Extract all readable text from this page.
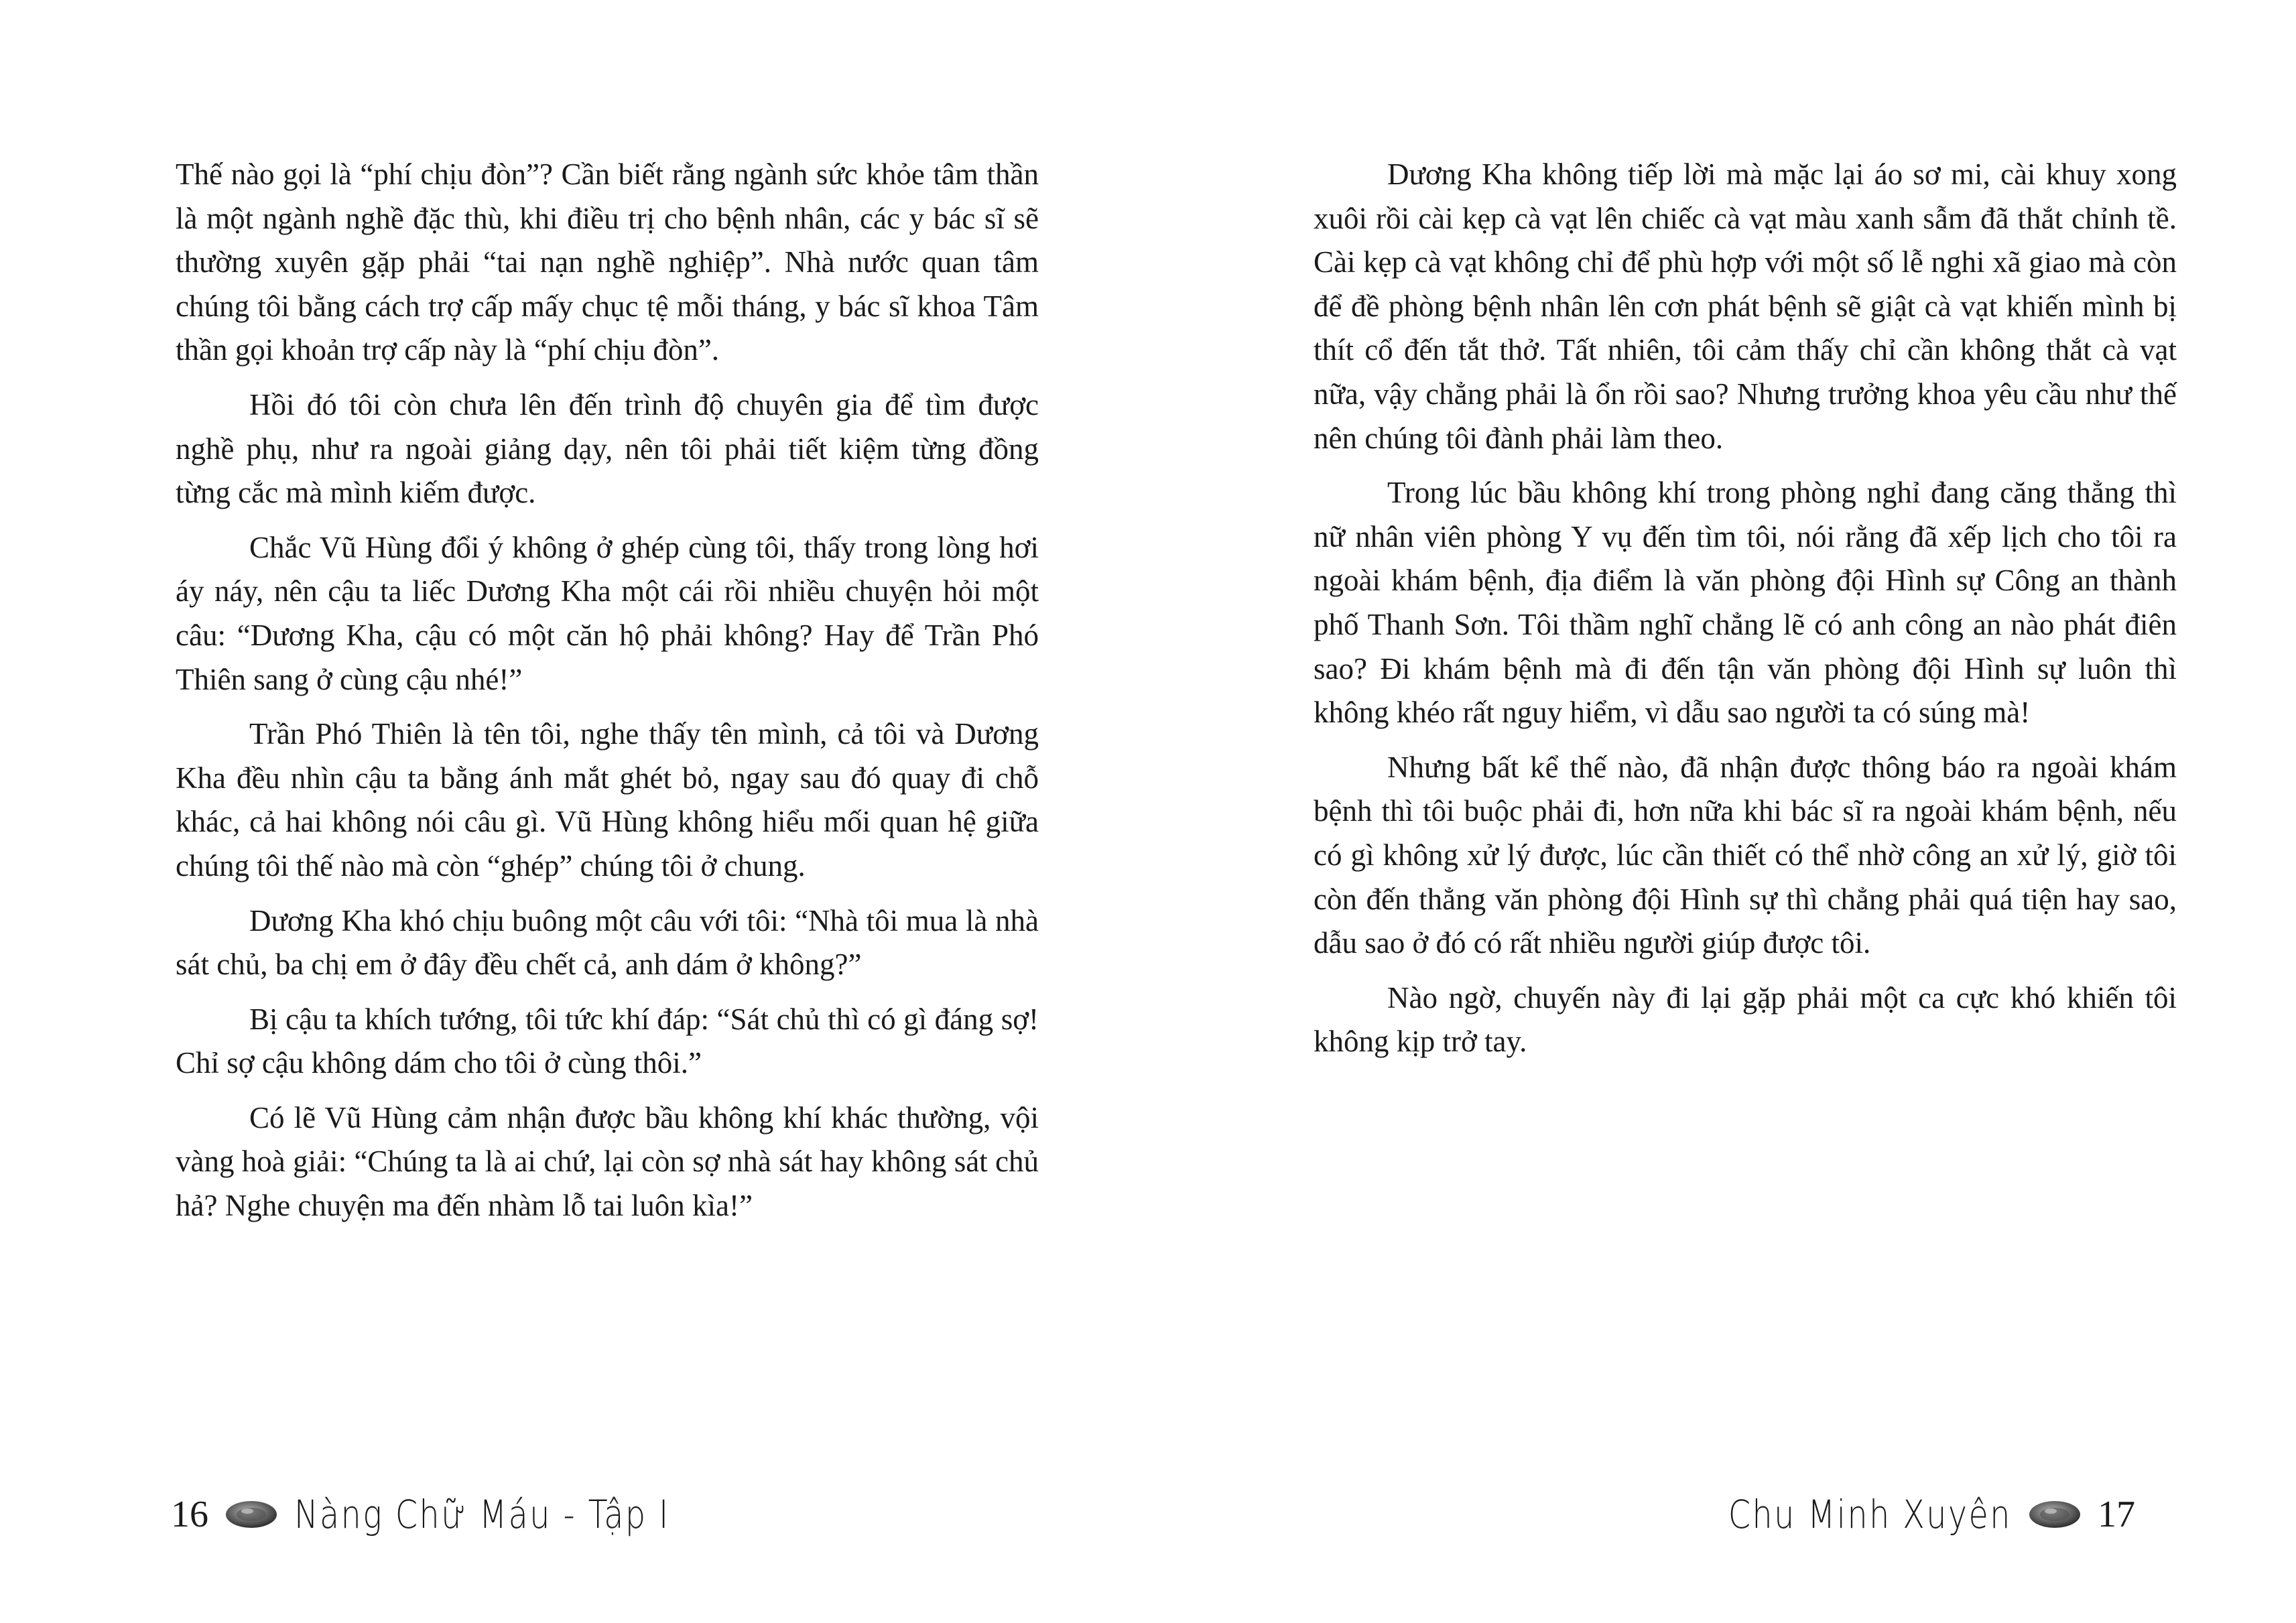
Thế nào gọi là “phí chịu đòn”? Cần biết rằng ngành sức khỏe tâm thần là một ngành nghề đặc thù, khi điều trị cho bệnh nhân, các y bác sĩ sẽ thường xuyên gặp phải “tai nạn nghề nghiệp”. Nhà nước quan tâm chúng tôi bằng cách trợ cấp mấy chục tệ mỗi tháng, y bác sĩ khoa Tâm thần gọi khoản trợ cấp này là “phí chịu đòn”.

Hồi đó tôi còn chưa lên đến trình độ chuyên gia để tìm được nghề phụ, như ra ngoài giảng dạy, nên tôi phải tiết kiệm từng đồng từng cắc mà mình kiếm được.

Chắc Vũ Hùng đổi ý không ở ghép cùng tôi, thấy trong lòng hơi áy náy, nên cậu ta liếc Dương Kha một cái rồi nhiều chuyện hỏi một câu: “Dương Kha, cậu có một căn hộ phải không? Hay để Trần Phó Thiên sang ở cùng cậu nhé!”

Trần Phó Thiên là tên tôi, nghe thấy tên mình, cả tôi và Dương Kha đều nhìn cậu ta bằng ánh mắt ghét bỏ, ngay sau đó quay đi chỗ khác, cả hai không nói câu gì. Vũ Hùng không hiểu mối quan hệ giữa chúng tôi thế nào mà còn “ghép” chúng tôi ở chung.

Dương Kha khó chịu buông một câu với tôi: “Nhà tôi mua là nhà sát chủ, ba chị em ở đây đều chết cả, anh dám ở không?”

Bị cậu ta khích tướng, tôi tức khí đáp: “Sát chủ thì có gì đáng sợ! Chỉ sợ cậu không dám cho tôi ở cùng thôi.”

Có lẽ Vũ Hùng cảm nhận được bầu không khí khác thường, vội vàng hoà giải: “Chúng ta là ai chứ, lại còn sợ nhà sát hay không sát chủ hả? Nghe chuyện ma đến nhàm lỗ tai luôn kìa!”

16 Nàng Chữ Máu - Tập I

Dương Kha không tiếp lời mà mặc lại áo sơ mi, cài khuy xong xuôi rồi cài kẹp cà vạt lên chiếc cà vạt màu xanh sẫm đã thắt chỉnh tề. Cài kẹp cà vạt không chỉ để phù hợp với một số lễ nghi xã giao mà còn để đề phòng bệnh nhân lên cơn phát bệnh sẽ giật cà vạt khiến mình bị thít cổ đến tắt thở. Tất nhiên, tôi cảm thấy chỉ cần không thắt cà vạt nữa, vậy chẳng phải là ổn rồi sao? Nhưng trưởng khoa yêu cầu như thế nên chúng tôi đành phải làm theo.

Trong lúc bầu không khí trong phòng nghỉ đang căng thẳng thì nữ nhân viên phòng Y vụ đến tìm tôi, nói rằng đã xếp lịch cho tôi ra ngoài khám bệnh, địa điểm là văn phòng đội Hình sự Công an thành phố Thanh Sơn. Tôi thầm nghĩ chẳng lẽ có anh công an nào phát điên sao? Đi khám bệnh mà đi đến tận văn phòng đội Hình sự luôn thì không khéo rất nguy hiểm, vì dẫu sao người ta có súng mà!

Nhưng bất kể thế nào, đã nhận được thông báo ra ngoài khám bệnh thì tôi buộc phải đi, hơn nữa khi bác sĩ ra ngoài khám bệnh, nếu có gì không xử lý được, lúc cần thiết có thể nhờ công an xử lý, giờ tôi còn đến thẳng văn phòng đội Hình sự thì chẳng phải quá tiện hay sao, dẫu sao ở đó có rất nhiều người giúp được tôi.

Nào ngờ, chuyến này đi lại gặp phải một ca cực khó khiến tôi không kịp trở tay.

Chu Minh Xuyên 17
